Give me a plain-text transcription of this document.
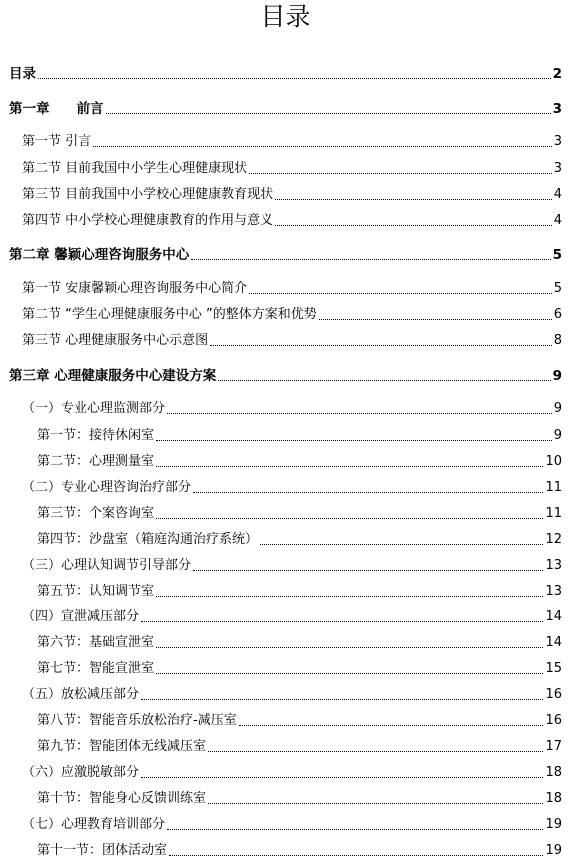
目录
目录	2
第一章　　前言	3
第一节 引言	3
第二节 目前我国中小学生心理健康现状	3
第三节 目前我国中小学校心理健康教育现状	4
第四节 中小学校心理健康教育的作用与意义	4
第二章 馨颖心理咨询服务中心	5
第一节 安康馨颖心理咨询服务中心简介	5
第二节 “学生心理健康服务中心 ”的整体方案和优势	6
第三节 心理健康服务中心示意图	8
第三章 心理健康服务中心建设方案	9
（一）专业心理监测部分	9
第一节：接待休闲室	9
第二节：心理测量室	10
（二）专业心理咨询治疗部分	11
第三节：个案咨询室	11
第四节：沙盘室（箱庭沟通治疗系统）	12
（三）心理认知调节引导部分	13
第五节：认知调节室	13
（四）宣泄减压部分	14
第六节：基础宣泄室	14
第七节：智能宣泄室	15
（五）放松减压部分	16
第八节：智能音乐放松治疗-减压室	16
第九节：智能团体无线减压室	17
（六）应激脱敏部分	18
第十节：智能身心反馈训练室	18
（七）心理教育培训部分	19
第十一节：团体活动室	19
